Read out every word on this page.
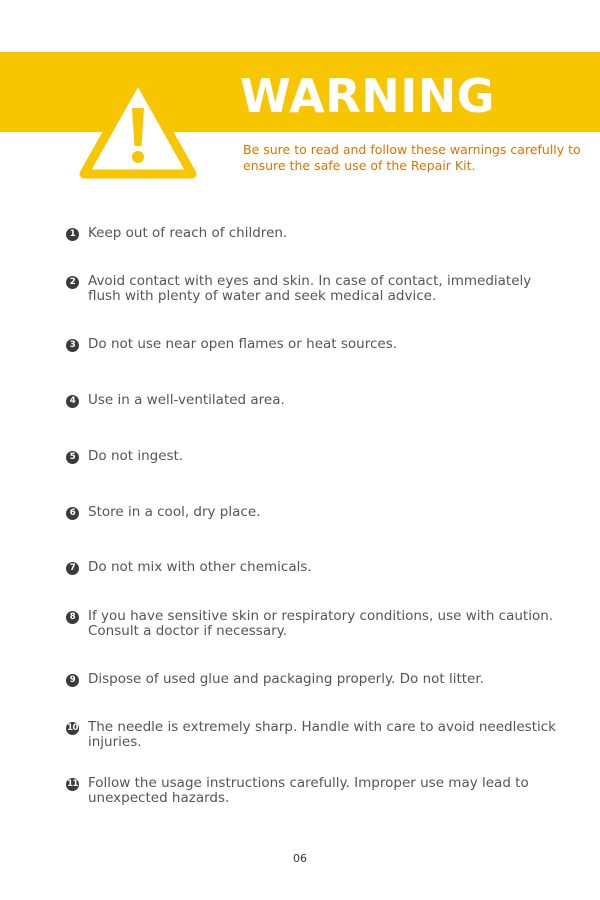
WARNING
Be sure to read and follow these warnings carefully to ensure the safe use of the Repair Kit.
1 Keep out of reach of children.
2 Avoid contact with eyes and skin. In case of contact, immediately flush with plenty of water and seek medical advice.
3 Do not use near open flames or heat sources.
4 Use in a well-ventilated area.
5 Do not ingest.
6 Store in a cool, dry place.
7 Do not mix with other chemicals.
8 If you have sensitive skin or respiratory conditions, use with caution. Consult a doctor if necessary.
9 Dispose of used glue and packaging properly. Do not litter.
10 The needle is extremely sharp. Handle with care to avoid needlestick injuries.
11 Follow the usage instructions carefully. Improper use may lead to unexpected hazards.
06
